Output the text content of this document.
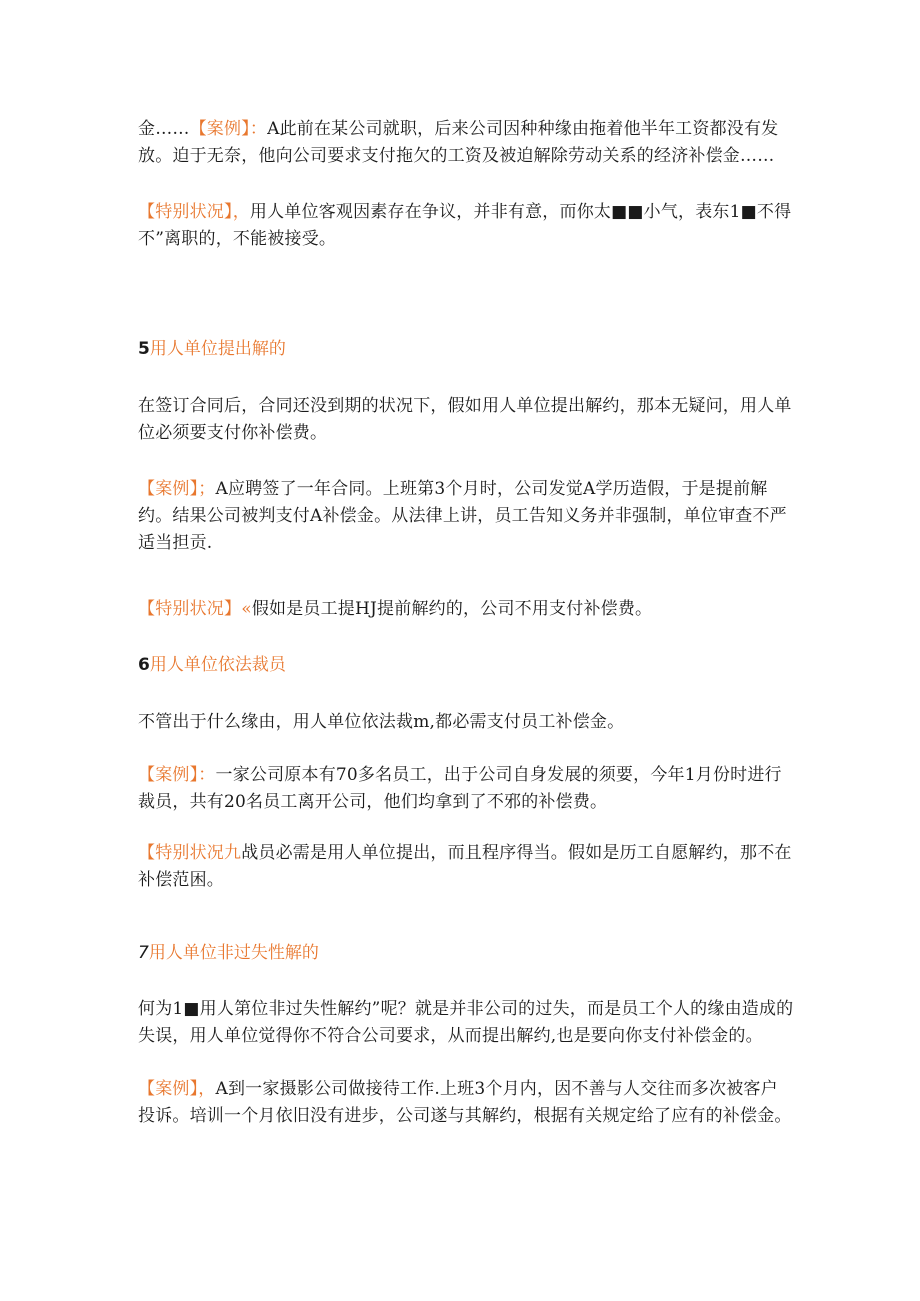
金……【案例】：A此前在某公司就职，后来公司因种种缘由拖着他半年工资都没有发
放。迫于无奈，他向公司要求支付拖欠的工资及被迫解除劳动关系的经济补偿金……
【特别状况】，用人单位客观因素存在争议，并非有意，而你太■■小气，表东1■不得
不”离职的，不能被接受。
5用人单位提出解的
在签订合同后，合同还没到期的状况下，假如用人单位提出解约，那本无疑问，用人单
位必须要支付你补偿费。
【案例】；A应聘签了一年合同。上班第3个月时，公司发觉A学历造假，于是提前解
约。结果公司被判支付A补偿金。从法律上讲，员工告知义务并非强制，单位审查不严
适当担贡.
【特别状况】«假如是员工提HJ提前解约的，公司不用支付补偿费。
6用人单位依法裁员
不管出于什么缘由，用人单位依法裁m,都必需支付员工补偿金。
【案例】：一家公司原本有70多名员工，出于公司自身发展的须要，今年1月份时进行
裁员，共有20名员工离开公司，他们均拿到了不邪的补偿费。
【特别状况九战员必需是用人单位提出，而且程序得当。假如是历工自愿解约，那不在
补偿范困。
7用人单位非过失性解的
何为1■用人第位非过失性解约”呢？就是并非公司的过失，而是员工个人的缘由造成的
失误，用人单位觉得你不符合公司要求，从而提出解约,也是要向你支付补偿金的。
【案例】，A到一家摄影公司做接待工作.上班3个月内，因不善与人交往而多次被客户
投诉。培训一个月依旧没有进步，公司遂与其解约，根据有关规定给了应有的补偿金。
